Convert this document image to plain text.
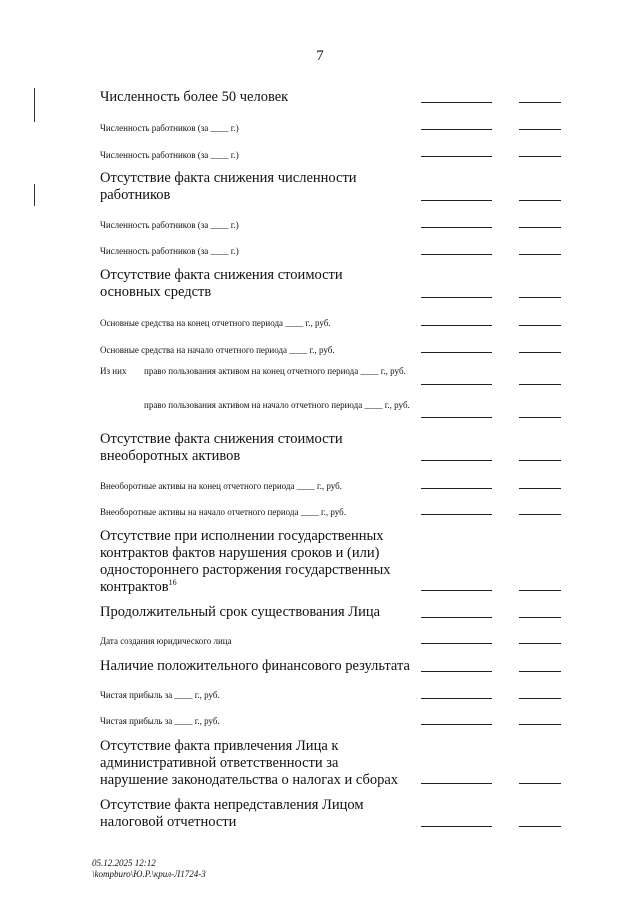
7
Численность более 50 человек
Численность работников (за ____ г.)
Численность работников (за ____ г.)
Отсутствие факта снижения численности работников
Численность работников (за ____ г.)
Численность работников (за ____ г.)
Отсутствие факта снижения стоимости основных средств
Основные средства на конец отчетного периода ____ г., руб.
Основные средства на начало отчетного периода ____ г., руб.
Из них право пользования активом на конец отчетного периода ____ г., руб.
право пользования активом на начало отчетного периода ____ г., руб.
Отсутствие факта снижения стоимости внеоборотных активов
Внеоборотные активы на конец отчетного периода ____ г., руб.
Внеоборотные активы на начало отчетного периода ____ г., руб.
Отсутствие при исполнении государственных контрактов фактов нарушения сроков и (или) одностороннего расторжения государственных контрактов$^{16}$
Продолжительный срок существования Лица
Дата создания юридического лица
Наличие положительного финансового результата
Чистая прибыль за ____ г., руб.
Чистая прибыль за ____ г., руб.
Отсутствие факта привлечения Лица к административной ответственности за нарушение законодательства о налогах и сборах
Отсутствие факта непредставления Лицом налоговой отчетности
05.12.2025 12:12
\kompburo\Ю.Р.\крил-Л1724-3
